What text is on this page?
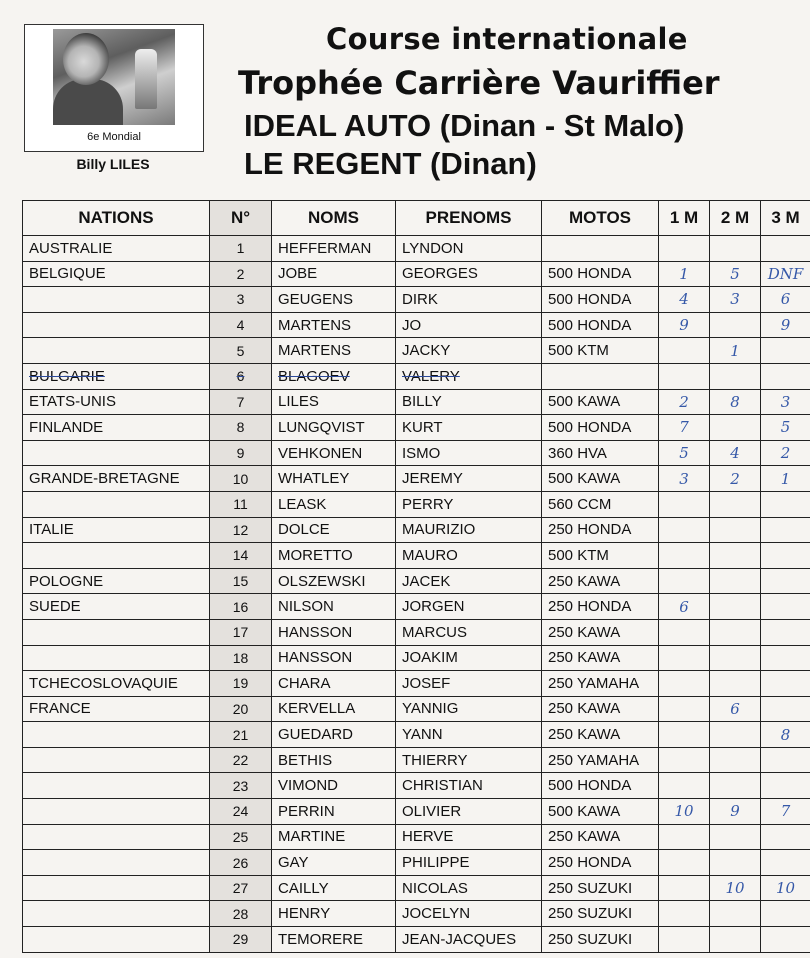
6e Mondial
Billy LILES
Course internationale
Trophée Carrière Vauriffier
IDEAL AUTO (Dinan - St Malo)
LE REGENT (Dinan)
NATIONS	N°	NOMS	PRENOMS	MOTOS	1 M	2 M	3 M
AUSTRALIE	1	HEFFERMAN	LYNDON				
BELGIQUE	2	JOBE	GEORGES	500 HONDA	1	5	DNF
	3	GEUGENS	DIRK	500 HONDA	4	3	6
	4	MARTENS	JO	500 HONDA	9		9
	5	MARTENS	JACKY	500 KTM		1	
BULGARIE	6	BLAGOEV	VALERY				
ETATS-UNIS	7	LILES	BILLY	500 KAWA	2	8	3
FINLANDE	8	LUNGQVIST	KURT	500 HONDA	7		5
	9	VEHKONEN	ISMO	360 HVA	5	4	2
GRANDE-BRETAGNE	10	WHATLEY	JEREMY	500 KAWA	3	2	1
	11	LEASK	PERRY	560 CCM			
ITALIE	12	DOLCE	MAURIZIO	250 HONDA			
	14	MORETTO	MAURO	500 KTM			
POLOGNE	15	OLSZEWSKI	JACEK	250 KAWA			
SUEDE	16	NILSON	JORGEN	250 HONDA	6		
	17	HANSSON	MARCUS	250 KAWA			
	18	HANSSON	JOAKIM	250 KAWA			
TCHECOSLOVAQUIE	19	CHARA	JOSEF	250 YAMAHA			
FRANCE	20	KERVELLA	YANNIG	250 KAWA		6	
	21	GUEDARD	YANN	250 KAWA			8
	22	BETHIS	THIERRY	250 YAMAHA			
	23	VIMOND	CHRISTIAN	500 HONDA			
	24	PERRIN	OLIVIER	500 KAWA	10	9	7
	25	MARTINE	HERVE	250 KAWA			
	26	GAY	PHILIPPE	250 HONDA			
	27	CAILLY	NICOLAS	250 SUZUKI		10	10
	28	HENRY	JOCELYN	250 SUZUKI			
	29	TEMORERE	JEAN-JACQUES	250 SUZUKI			
